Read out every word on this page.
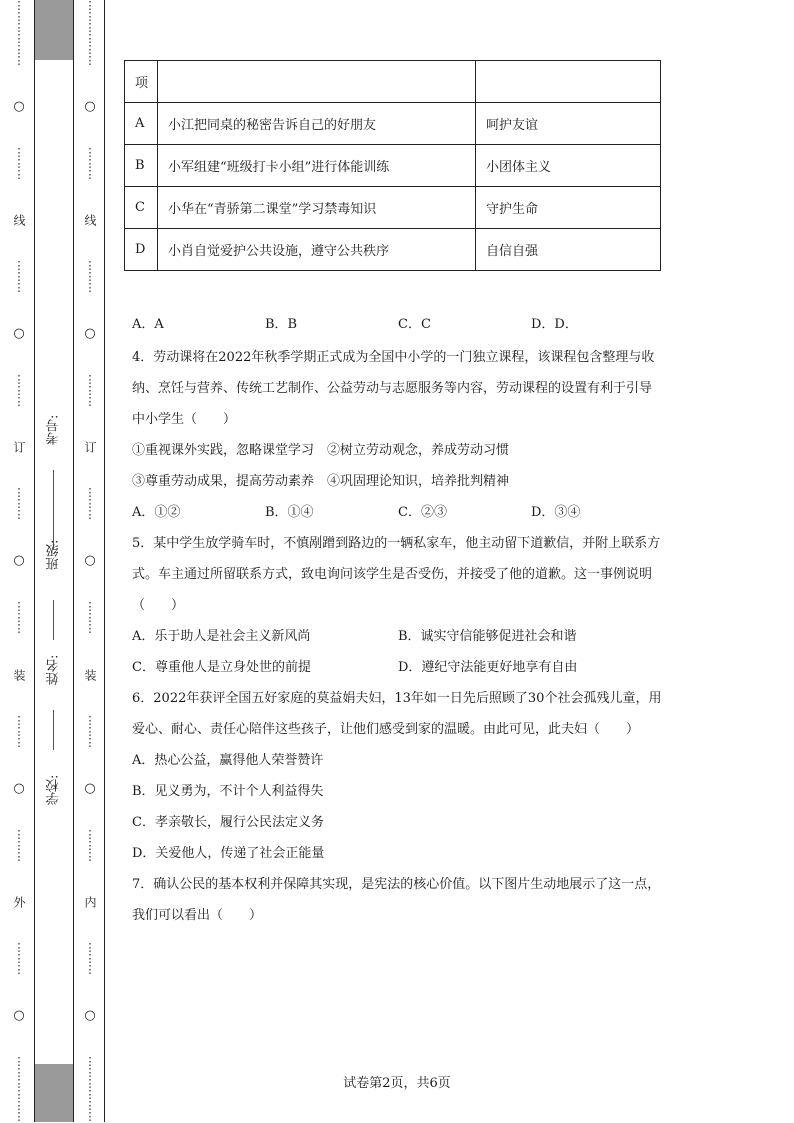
⋮
⋮
⋮
⋮
⋮
⋮
○
⋮
⋮
⋮
线
⋮
⋮
⋮
○
⋮
⋮
⋮
订
⋮
⋮
⋮
○
⋮
⋮
⋮
装
⋮
⋮
⋮
○
⋮
⋮
⋮
外
⋮
⋮
⋮
○
⋮
⋮
⋮
⋮
⋮
⋮
考号:
班级:
姓名:
学校:
⋮
⋮
⋮
⋮
⋮
⋮
○
⋮
⋮
⋮
线
⋮
⋮
⋮
○
⋮
⋮
⋮
订
⋮
⋮
⋮
○
⋮
⋮
⋮
装
⋮
⋮
⋮
○
⋮
⋮
⋮
内
⋮
⋮
⋮
○
⋮
⋮
⋮
⋮
⋮
⋮
项		
A	小江把同桌的秘密告诉自己的好朋友	呵护友谊
B	小军组建“班级打卡小组”进行体能训练	小团体主义
C	小华在“青骄第二课堂”学习禁毒知识	守护生命
D	小肖自觉爱护公共设施，遵守公共秩序	自信自强
A．A	B．B	C．C	D．D．

4．劳动课将在2022年秋季学期正式成为全国中小学的一门独立课程，该课程包含整理与收纳、烹饪与营养、传统工艺制作、公益劳动与志愿服务等内容，劳动课程的设置有利于引导中小学生（　　）

①重视课外实践，忽略课堂学习　②树立劳动观念，养成劳动习惯

③尊重劳动成果，提高劳动素养　④巩固理论知识，培养批判精神

A．①②	B．①④	C．②③	D．③④

5．某中学生放学骑车时，不慎剐蹭到路边的一辆私家车，他主动留下道歉信，并附上联系方式。车主通过所留联系方式，致电询问该学生是否受伤，并接受了他的道歉。这一事例说明（　　）

A．乐于助人是社会主义新风尚	B．诚实守信能够促进社会和谐
C．尊重他人是立身处世的前提	D．遵纪守法能更好地享有自由

6．2022年获评全国五好家庭的莫益娟夫妇，13年如一日先后照顾了30个社会孤残儿童，用爱心、耐心、责任心陪伴这些孩子，让他们感受到家的温暖。由此可见，此夫妇（　　）

A．热心公益，赢得他人荣誉赞许
B．见义勇为，不计个人利益得失
C．孝亲敬长，履行公民法定义务
D．关爱他人，传递了社会正能量

7．确认公民的基本权利并保障其实现，是宪法的核心价值。以下图片生动地展示了这一点，我们可以看出（　　）

试卷第2页，共6页
